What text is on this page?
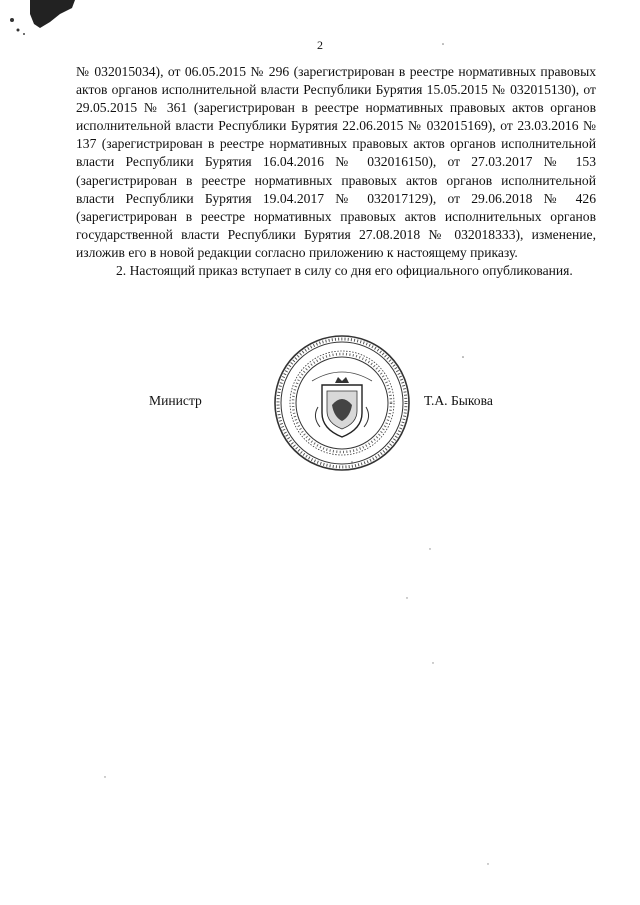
2

№ 032015034), от 06.05.2015 № 296 (зарегистрирован в реестре нормативных правовых актов органов исполнительной власти Республики Бурятия 15.05.2015 № 032015130), от 29.05.2015 № 361 (зарегистрирован в реестре нормативных правовых актов органов исполнительной власти Республики Бурятия 22.06.2015 № 032015169), от 23.03.2016 № 137 (зарегистрирован в реестре нормативных правовых актов органов исполнительной власти Республики Бурятия 16.04.2016 № 032016150), от 27.03.2017 № 153 (зарегистрирован в реестре нормативных правовых актов органов исполнительной власти Республики Бурятия 19.04.2017 № 032017129), от 29.06.2018 № 426 (зарегистрирован в реестре нормативных правовых актов исполнительных органов государственной власти Республики Бурятия 27.08.2018 № 032018333), изменение, изложив его в новой редакции согласно приложению к настоящему приказу.

2. Настоящий приказ вступает в силу со дня его официального опубликования.

Министр	Т.А. Быкова
